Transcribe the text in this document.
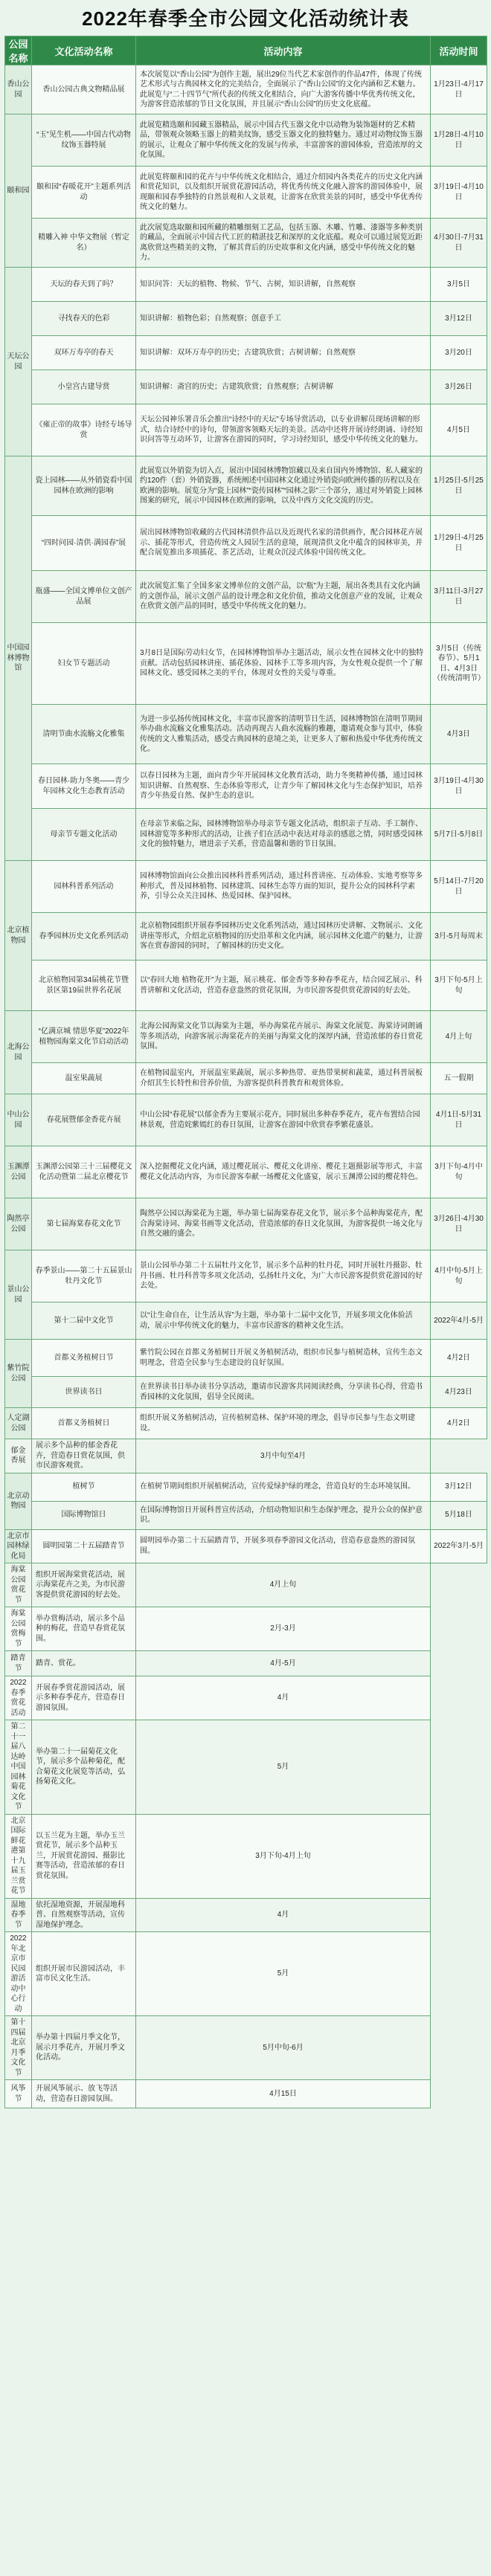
2022年春季全市公园文化活动统计表
公园名称	文化活动名称	活动内容	活动时间
香山公园	香山公园古典文物精品展	本次展览以“香山公园”为创作主题，展出29位当代艺术家创作的作品47件，体现了传统艺术形式与古典园林文化的完美结合，全面展示了“香山公园”的文化内涵和艺术魅力。此展览与“二十四节气”所代表的传统文化相结合，向广大游客传播中华优秀传统文化，为游客营造浓郁的节日文化氛围，并且展示“香山公园”的历史文化底蕴。	1月23日-4月17日
颐和园	“玉”见生机——中国古代动物纹饰玉器特展	此展览精选颐和园藏玉器精品，展示中国古代玉器文化中以动物为装饰题材的艺术精品，带领观众领略玉器上的精美纹饰，感受玉器文化的独特魅力。通过对动物纹饰玉器的展示，让观众了解中华传统文化的发展与传承，丰富游客的游园体验，营造浓厚的文化氛围。	1月28日-4月10日
	颐和园“春暖花开”主题系列活动	此展览将颐和园的花卉与中华传统文化相结合，通过介绍园内各类花卉的历史文化内涵和赏花知识，以及组织开展赏花游园活动，将优秀传统文化融入游客的游园体验中，展现颐和园春季独特的自然景观和人文景观，让游客在欣赏美景的同时，感受中华优秀传统文化的魅力。	3月19日-4月10日
	精雕入神 中华文物展（暂定名）	此次展览选取颐和园所藏的精雕细刻工艺品，包括玉器、木雕、竹雕、漆器等多种类别的藏品，全面展示中国古代工匠的精湛技艺和深厚的文化底蕴。观众可以通过展览近距离欣赏这些精美的文物，了解其背后的历史故事和文化内涵，感受中华传统文化的魅力。	4月30日-7月31日
天坛公园	天坛的春天到了吗？	知识问答：天坛的植物、物候、节气、古树，知识讲解，自然观察	3月5日
	寻找春天的色彩	知识讲解：植物色彩；自然观察；创意手工	3月12日
	双环万寿亭的春天	知识讲解：双环万寿亭的历史；古建筑欣赏；古树讲解；自然观察	3月20日
	小皇宫古建导赏	知识讲解：斋宫的历史；古建筑欣赏；自然观察；古树讲解	3月26日
	《雍正帝的故事》诗经专场导赏	天坛公园神乐署音乐会推出“诗经中的天坛”专场导赏活动，以专业讲解员现场讲解的形式，结合诗经中的诗句，带领游客领略天坛的美景。活动中还将开展诗经朗诵、诗经知识问答等互动环节，让游客在游园的同时，学习诗经知识，感受中华传统文化的魅力。	4月5日
中国园林博物馆	瓷上园林——从外销瓷看中国园林在欧洲的影响	此展览以外销瓷为切入点，展出中国园林博物馆藏以及来自国内外博物馆、私人藏家的约120件（套）外销瓷器，系统阐述中国园林文化通过外销瓷向欧洲传播的历程以及在欧洲的影响。展览分为“瓷上园林”“瓷传园林”“园林之影”三个部分，通过对外销瓷上园林图案的研究，展示中国园林在欧洲的影响，以及中西方文化交流的历史。	1月25日-5月25日
	“四时问园·清供·满园春”展	展出园林博物馆收藏的古代园林清供作品以及近现代名家的清供画作，配合园林花卉展示、插花等形式，营造传统文人园居生活的意境，展现清供文化中蕴含的园林审美，并配合展览推出多项插花、茶艺活动，让观众沉浸式体验中国传统文化。	1月29日-4月25日
	瓶盛——全国文博单位文创产品展	此次展览汇集了全国多家文博单位的文创产品，以“瓶”为主题，展出各类具有文化内涵的文创作品，展示文创产品的设计理念和文化价值，推动文化创意产业的发展，让观众在欣赏文创产品的同时，感受中华传统文化的魅力。	3月11日-3月27日
	妇女节专题活动	3月8日是国际劳动妇女节，在园林博物馆举办主题活动，展示女性在园林文化中的独特贡献。活动包括园林讲座、插花体验、园林手工等多项内容，为女性观众提供一个了解园林文化、感受园林之美的平台，体现对女性的关爱与尊重。	3月5日（传统春节）、5月1日、4月3日（传统清明节）
	清明节曲水流觞文化雅集	为进一步弘扬传统园林文化，丰富市民游客的清明节日生活，园林博物馆在清明节期间举办曲水流觞文化雅集活动。活动再现古人曲水流觞的雅趣，邀请观众参与其中，体验传统的文人雅集活动，感受古典园林的意境之美，让更多人了解和热爱中华优秀传统文化。	4月3日
	春日园林·助力冬奥——青少年园林文化生态教育活动	以春日园林为主题，面向青少年开展园林文化教育活动，助力冬奥精神传播，通过园林知识讲解、自然观察、生态体验等形式，让青少年了解园林文化与生态保护知识，培养青少年热爱自然、保护生态的意识。	3月19日-4月30日
	母亲节专题文化活动	在母亲节来临之际，园林博物馆举办母亲节专题文化活动，组织亲子互动、手工制作、园林游览等多种形式的活动，让孩子们在活动中表达对母亲的感恩之情，同时感受园林文化的独特魅力，增进亲子关系，营造温馨和谐的节日氛围。	5月7日-5月8日
北京植物园	园林科普系列活动	园林博物馆面向公众推出园林科普系列活动，通过科普讲座、互动体验、实地考察等多种形式，普及园林植物、园林建筑、园林生态等方面的知识，提升公众的园林科学素养，引导公众关注园林、热爱园林、保护园林。	5月14日-7月20日
	春季园林历史文化系列活动	北京植物园组织开展春季园林历史文化系列活动，通过园林历史讲解、文物展示、文化讲座等形式，介绍北京植物园的历史沿革和文化内涵，展示园林文化遗产的魅力，让游客在赏春游园的同时，了解园林的历史文化。	3月-5月每周末
	北京植物园第34届桃花节暨景区第19届世界名花展	以“春回大地 植物花开”为主题，展示桃花、郁金香等多种春季花卉，结合园艺展示、科普讲解和文化活动，营造春意盎然的赏花氛围，为市民游客提供赏花游园的好去处。	3月下旬-5月上旬
北海公园	“亿满京城 情思华夏”2022年植物园海棠文化节启动活动	北海公园海棠文化节以海棠为主题，举办海棠花卉展示、海棠文化展览、海棠诗词朗诵等多项活动，向游客展示海棠花卉的美丽与海棠文化的深厚内涵，营造浓郁的春日赏花氛围。	4月上旬
	温室果蔬展	在植物园温室内，开展温室果蔬展，展示多种热带、亚热带果树和蔬菜，通过科普展板介绍其生长特性和营养价值，为游客提供科普教育和观赏体验。	五一假期
中山公园	春花展暨郁金香花卉展	中山公园“春花展”以郁金香为主要展示花卉，同时展出多种春季花卉，花卉布置结合园林景观，营造姹紫嫣红的春日氛围，让游客在游园中欣赏春季繁花盛景。	4月1日-5月31日
玉渊潭公园	玉渊潭公园第三十三届樱花文化活动暨第二届北京樱花节	深入挖掘樱花文化内涵，通过樱花展示、樱花文化讲座、樱花主题摄影展等形式，丰富樱花文化活动内容，为市民游客奉献一场樱花文化盛宴，展示玉渊潭公园的樱花特色。	3月下旬-4月中旬
陶然亭公园	第七届海棠春花文化节	陶然亭公园以海棠花为主题，举办第七届海棠春花文化节，展示多个品种海棠花卉，配合海棠诗词、海棠书画等文化活动，营造浓郁的春日文化氛围，为游客提供一场文化与自然交融的盛会。	3月26日-4月30日
景山公园	春季景山——第二十五届景山牡丹文化节	景山公园举办第二十五届牡丹文化节，展示多个品种的牡丹花，同时开展牡丹摄影、牡丹书画、牡丹科普等多项文化活动，弘扬牡丹文化，为广大市民游客提供赏花游园的好去处。	4月中旬-5月上旬
	第十二届中文化节	以“让生命自在，让生活从容”为主题，举办第十二届中文化节，开展多项文化体验活动，展示中华传统文化的魅力，丰富市民游客的精神文化生活。	2022年4月-5月
紫竹院公园	首都义务植树日节	紫竹院公园在首都义务植树日开展义务植树活动，组织市民参与植树造林，宣传生态文明理念，营造全民参与生态建设的良好氛围。	4月2日
	世界读书日	在世界读书日举办读书分享活动，邀请市民游客共同阅读经典，分享读书心得，营造书香园林的文化氛围，倡导全民阅读。	4月23日
人定湖公园	首都义务植树日	组织开展义务植树活动，宣传植树造林、保护环境的理念，倡导市民参与生态文明建设。	4月2日
郁金香展	展示多个品种的郁金香花卉，营造春日赏花氛围，供市民游客观赏。	3月中旬至4月	
北京动物园	植树节	在植树节期间组织开展植树活动，宣传爱绿护绿的理念，营造良好的生态环境氛围。	3月12日
	国际博物馆日	在国际博物馆日开展科普宣传活动，介绍动物知识和生态保护理念，提升公众的保护意识。	5月18日
北京市园林绿化局	圆明园第二十五届踏青节	圆明园举办第二十五届踏青节，开展多项春季游园文化活动，营造春意盎然的游园氛围。	2022年3月-5月
海棠公园赏花节	组织开展海棠赏花活动，展示海棠花卉之美，为市民游客提供赏花游园的好去处。	4月上旬	
海棠公园赏梅节	举办赏梅活动，展示多个品种的梅花，营造早春赏花氛围。	2月-3月	
踏青节	踏青、赏花。	4月-5月	
2022春季赏花活动	开展春季赏花游园活动，展示多种春季花卉，营造春日游园氛围。	4月	
第二十一届八达岭中国园林菊花文化节	举办第二十一届菊花文化节，展示多个品种菊花，配合菊花文化展览等活动，弘扬菊花文化。	5月	
北京国际鲜花港第十九届玉兰赏花节	以玉兰花为主题，举办玉兰赏花节，展示多个品种玉兰，开展赏花游园、摄影比赛等活动，营造浓郁的春日赏花氛围。	3月下旬-4月上旬	
湿地春季节	依托湿地资源，开展湿地科普、自然观察等活动，宣传湿地保护理念。	4月	
2022年北京市民园游活动中心行动	组织开展市民游园活动，丰富市民文化生活。	5月	
第十四届北京月季文化节	举办第十四届月季文化节，展示月季花卉，开展月季文化活动。	5月中旬-6月	
风筝节	开展风筝展示、放飞等活动，营造春日游园氛围。	4月15日	
